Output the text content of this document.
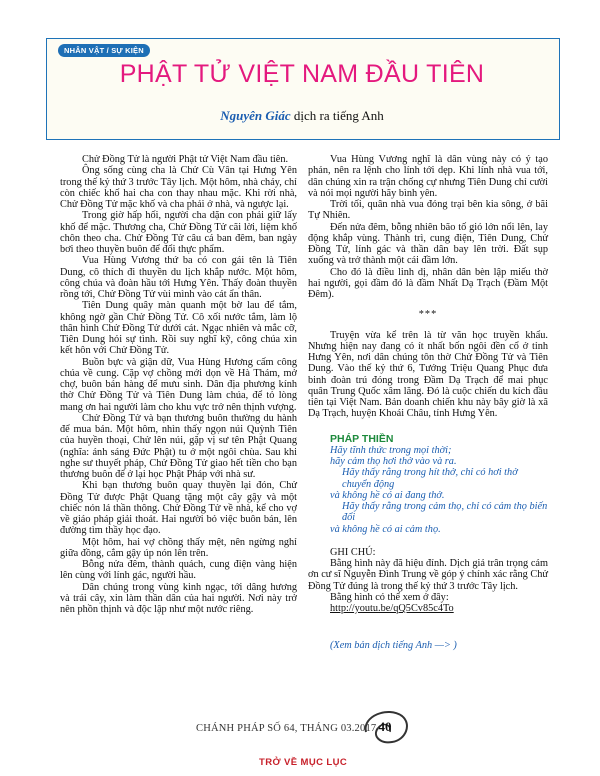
NHÂN VẬT / SỰ KIỆN
PHẬT TỬ VIỆT NAM ĐẦU TIÊN
Nguyên Giác dịch ra tiếng Anh

Chử Đồng Tử là người Phật tử Việt Nam đầu tiên.

Ông sống cùng cha là Chử Cù Vân tại Hưng Yên trong thế kỷ thứ 3 trước Tây lịch. Một hôm, nhà cháy, chỉ còn chiếc khố hai cha con thay nhau mặc. Khi rời nhà, Chử Đồng Tử mặc khố và cha phải ở nhà, và ngược lại.

Trong giờ hấp hối, người cha dặn con phải giữ lấy khố để mặc. Thương cha, Chử Đồng Tử cãi lời, liệm khố chôn theo cha. Chử Đồng Tử câu cá ban đêm, ban ngày bơi theo thuyền buôn để đổi thực phẩm.

Vua Hùng Vương thứ ba có con gái tên là Tiên Dung, cô thích đi thuyền du lịch khắp nước. Một hôm, công chúa và đoàn hầu tới Hưng Yên. Thấy đoàn thuyền rồng tới, Chử Đồng Tử vùi mình vào cát ẩn thân.

Tiên Dung quây màn quanh một bờ lau để tắm, không ngờ gần Chử Đồng Tử. Cô xối nước tắm, làm lộ thân hình Chử Đồng Tử dưới cát. Ngạc nhiên và mắc cỡ, Tiên Dung hỏi sự tình. Rồi suy nghĩ kỹ, công chúa xin kết hôn với Chử Đồng Tử.

Buồn bực và giận dữ, Vua Hùng Hương cấm công chúa về cung. Cặp vợ chồng mới dọn về Hà Thám, mở chợ, buôn bán hàng để mưu sinh. Dân địa phương kính thờ Chử Đồng Tử và Tiên Dung làm chúa, để tỏ lòng mang ơn hai người làm cho khu vực trở nên thịnh vượng.

Chử Đồng Tử và bạn thương buôn thường du hành để mua bán. Một hôm, nhìn thấy ngọn núi Quỳnh Tiên của huyền thoại, Chử lên núi, gặp vị sư tên Phật Quang (nghĩa: ánh sáng Đức Phật) tu ở một ngôi chùa. Sau khi nghe sư thuyết pháp, Chử Đồng Tử giao hết tiền cho bạn thương buôn để ở lại học Phật Pháp với nhà sư.

Khi bạn thương buôn quay thuyền lại đón, Chử Đồng Tử được Phật Quang tặng một cây gậy và một chiếc nón lá thần thông. Chử Đồng Tử về nhà, kể cho vợ về giáo pháp giải thoát. Hai người bỏ việc buôn bán, lên đường tìm thầy học đạo.

Một hôm, hai vợ chồng thấy mệt, nên ngừng nghỉ giữa đồng, cắm gậy úp nón lên trên.

Bỗng nửa đêm, thành quách, cung điện vàng hiện lên cùng với lính gác, người hầu.

Dân chúng trong vùng kinh ngạc, tới dâng hương và trái cây, xin làm thần dân của hai người. Nơi này trở nên phồn thịnh và độc lập như một nước riêng.

Vua Hùng Vương nghĩ là dân vùng này có ý tạo phản, nên ra lệnh cho lính tới dẹp. Khi lính nhà vua tới, dân chúng xin ra trận chống cự nhưng Tiên Dung chỉ cười và nói mọi người hãy bình yên.

Trời tối, quân nhà vua đóng trại bên kia sông, ở bãi Tự Nhiên.

Đến nửa đêm, bỗng nhiên bão tố gió lớn nổi lên, lay động khắp vùng. Thành trì, cung điện, Tiên Dung, Chử Đồng Tử, lính gác và thần dân bay lên trời. Đất sụp xuống và trở thành một cái đầm lớn.

Cho đó là điều linh dị, nhân dân bèn lập miếu thờ hai người, gọi đầm đó là đầm Nhất Dạ Trạch (Đầm Một Đêm).

***

Truyện vừa kể trên là từ văn học truyền khẩu. Nhưng hiện nay đang có ít nhất bốn ngôi đền cổ ở tỉnh Hưng Yên, nơi dân chúng tôn thờ Chử Đồng Tử và Tiên Dung. Vào thế kỷ thứ 6, Tướng Triệu Quang Phục đưa binh đoàn trú đóng trong Đầm Dạ Trạch để mai phục quân Trung Quốc xâm lăng. Đó là cuộc chiến du kích đầu tiên tại Việt Nam. Bản doanh chiến khu này bây giờ là xã Dạ Trạch, huyện Khoái Châu, tỉnh Hưng Yên.

PHÁP THIỀN
Hãy tĩnh thức trong mọi thời;
hãy cảm thọ hơi thở vào và ra.
Hãy thấy rằng trong hít thở, chỉ có hơi thở chuyển động
và không hề có ai đang thở.
Hãy thấy rằng trong cảm thọ, chỉ có cảm thọ biến đổi
và không hề có ai cảm thọ.
GHI CHÚ:

Bằng hình này đã hiệu đính. Dịch giả trân trọng cám ơn cư sĩ Nguyễn Đình Trung về góp ý chính xác rằng Chử Đồng Tử đúng là trong thế kỷ thứ 3 trước Tây lịch.

Bằng hình có thể xem ở đây:

http://youtu.be/qQ5Cv85c4To
(Xem bản dịch tiếng Anh —> )
CHÁNH PHÁP SỐ 64, THÁNG 03.2017 40
TRỞ VỀ MỤC LỤC
